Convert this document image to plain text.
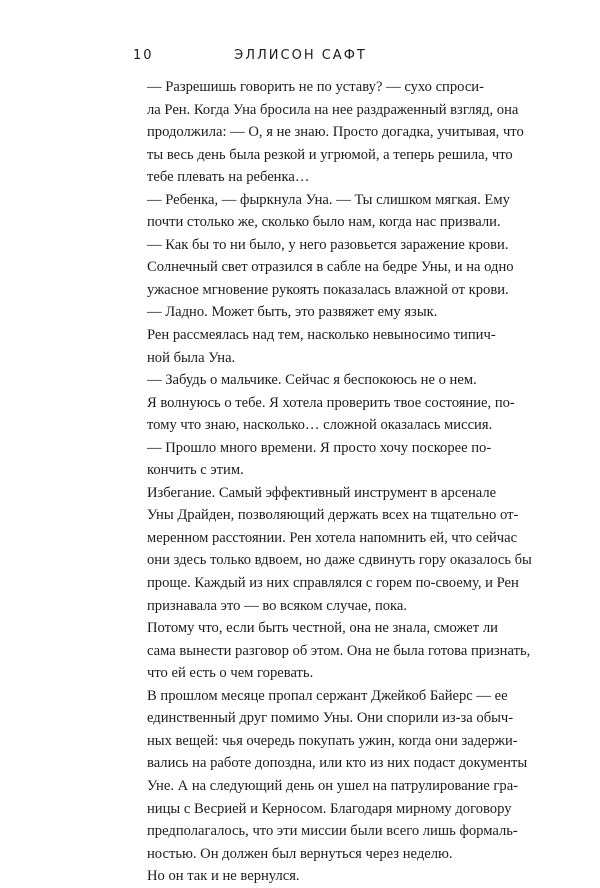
10	ЭЛЛИСОН САФТ

— Разрешишь говорить не по уставу? — сухо спроси-
ла Рен. Когда Уна бросила на нее раздраженный взгляд, она
продолжила: — О, я не знаю. Просто догадка, учитывая, что
ты весь день была резкой и угрюмой, а теперь решила, что
тебе плевать на ребенка…

— Ребенка, — фыркнула Уна. — Ты слишком мягкая. Ему
почти столько же, сколько было нам, когда нас призвали.

— Как бы то ни было, у него разовьется заражение крови.

Солнечный свет отразился в сабле на бедре Уны, и на одно
ужасное мгновение рукоять показалась влажной от крови.

— Ладно. Может быть, это развяжет ему язык.

Рен рассмеялась над тем, насколько невыносимо типич-
ной была Уна.

— Забудь о мальчике. Сейчас я беспокоюсь не о нем.
Я волнуюсь о тебе. Я хотела проверить твое состояние, по-
тому что знаю, насколько… сложной оказалась миссия.

— Прошло много времени. Я просто хочу поскорее по-
кончить с этим.

Избегание. Самый эффективный инструмент в арсенале
Уны Драйден, позволяющий держать всех на тщательно от-
меренном расстоянии. Рен хотела напомнить ей, что сейчас
они здесь только вдвоем, но даже сдвинуть гору оказалось бы
проще. Каждый из них справлялся с горем по-своему, и Рен
признавала это — во всяком случае, пока.

Потому что, если быть честной, она не знала, сможет ли
сама вынести разговор об этом. Она не была готова признать,
что ей есть о чем горевать.

В прошлом месяце пропал сержант Джейкоб Байерс — ее
единственный друг помимо Уны. Они спорили из-за обыч-
ных вещей: чья очередь покупать ужин, когда они задержи-
вались на работе допоздна, или кто из них подаст документы
Уне. А на следующий день он ушел на патрулирование гра-
ницы с Весрией и Керносом. Благодаря мирному договору
предполагалось, что эти миссии были всего лишь формаль-
ностью. Он должен был вернуться через неделю.

Но он так и не вернулся.
